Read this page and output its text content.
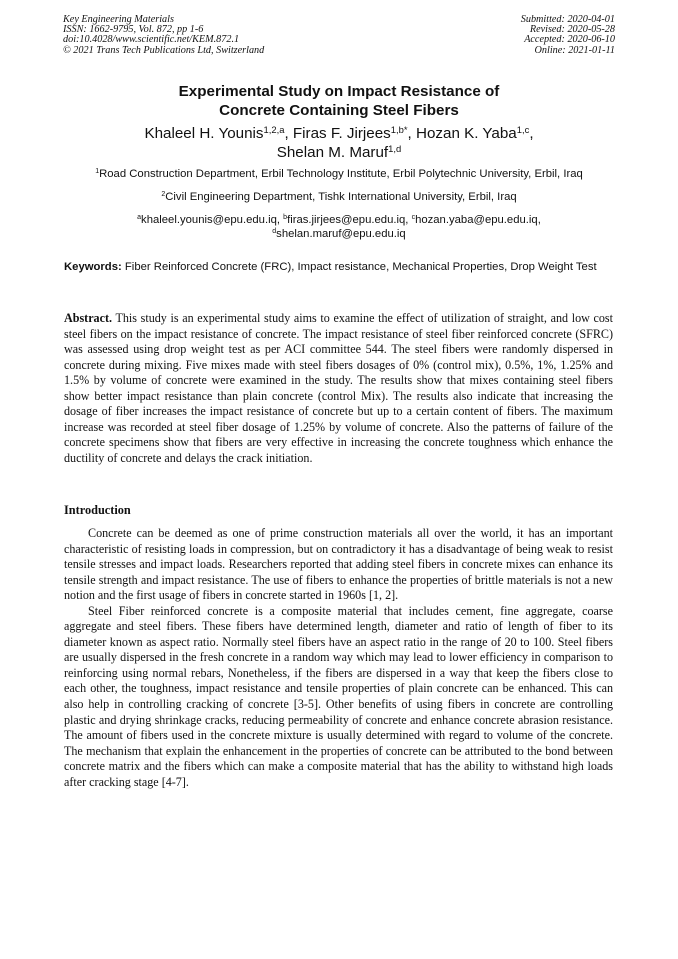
Key Engineering Materials
ISSN: 1662-9795, Vol. 872, pp 1-6
doi:10.4028/www.scientific.net/KEM.872.1
© 2021 Trans Tech Publications Ltd, Switzerland
Submitted: 2020-04-01
Revised: 2020-05-28
Accepted: 2020-06-10
Online: 2021-01-11
Experimental Study on Impact Resistance of
Concrete Containing Steel Fibers
Khaleel H. Younis$^{1,2,a}$, Firas F. Jirjees$^{1,b*}$, Hozan K. Yaba$^{1,c}$,
Shelan M. Maruf$^{1,d}$
$^1$Road Construction Department, Erbil Technology Institute, Erbil Polytechnic University, Erbil, Iraq
$^2$Civil Engineering Department, Tishk International University, Erbil, Iraq
$^a$khaleel.younis@epu.edu.iq, $^b$firas.jirjees@epu.edu.iq, $^c$hozan.yaba@epu.edu.iq,
$^d$shelan.maruf@epu.edu.iq
Keywords: Fiber Reinforced Concrete (FRC), Impact resistance, Mechanical Properties, Drop Weight Test
Abstract. This study is an experimental study aims to examine the effect of utilization of straight, and low cost steel fibers on the impact resistance of concrete. The impact resistance of steel fiber reinforced concrete (SFRC) was assessed using drop weight test as per ACI committee 544. The steel fibers were randomly dispersed in concrete during mixing. Five mixes made with steel fibers dosages of 0% (control mix), 0.5%, 1%, 1.25% and 1.5% by volume of concrete were examined in the study. The results show that mixes containing steel fibers show better impact resistance than plain concrete (control Mix). The results also indicate that increasing the dosage of fiber increases the impact resistance of concrete but up to a certain content of fibers. The maximum increase was recorded at steel fiber dosage of 1.25% by volume of concrete. Also the patterns of failure of the concrete specimens show that fibers are very effective in increasing the concrete toughness which enhance the ductility of concrete and delays the crack initiation.
Introduction

Concrete can be deemed as one of prime construction materials all over the world, it has an important characteristic of resisting loads in compression, but on contradictory it has a disadvantage of being weak to resist tensile stresses and impact loads. Researchers reported that adding steel fibers in concrete mixes can enhance its tensile strength and impact resistance. The use of fibers to enhance the properties of brittle materials is not a new notion and the first usage of fibers in concrete started in 1960s [1, 2].

Steel Fiber reinforced concrete is a composite material that includes cement, fine aggregate, coarse aggregate and steel fibers. These fibers have determined length, diameter and ratio of length of fiber to its diameter known as aspect ratio. Normally steel fibers have an aspect ratio in the range of 20 to 100. Steel fibers are usually dispersed in the fresh concrete in a random way which may lead to lower efficiency in comparison to reinforcing using normal rebars, Nonetheless, if the fibers are dispersed in a way that keep the fibers close to each other, the toughness, impact resistance and tensile properties of plain concrete can be enhanced. This can also help in controlling cracking of concrete [3-5]. Other benefits of using fibers in concrete are controlling plastic and drying shrinkage cracks, reducing permeability of concrete and enhance concrete abrasion resistance. The amount of fibers used in the concrete mixture is usually determined with regard to volume of the concrete. The mechanism that explain the enhancement in the properties of concrete can be attributed to the bond between concrete matrix and the fibers which can make a composite material that has the ability to withstand high loads after cracking stage [4-7].
